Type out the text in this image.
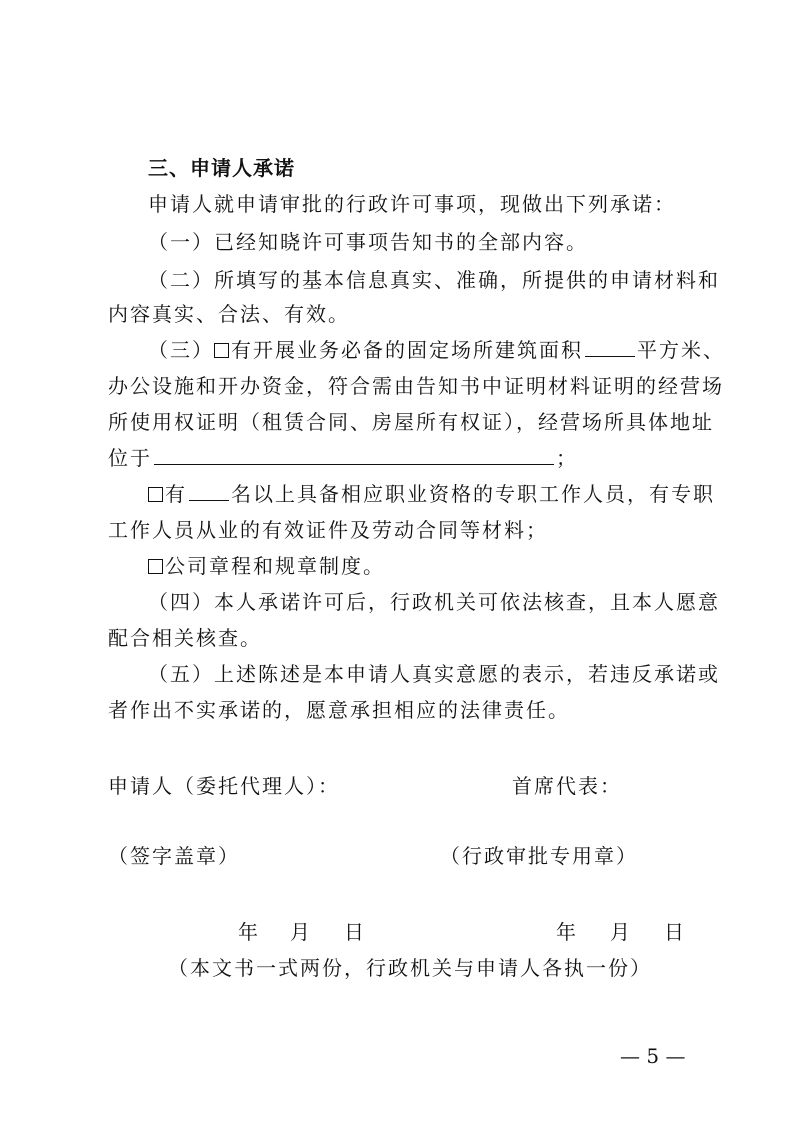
三、申请人承诺
申请人就申请审批的行政许可事项，现做出下列承诺：
（一）已经知晓许可事项告知书的全部内容。
（二）所填写的基本信息真实、准确，所提供的申请材料和
内容真实、合法、有效。
（三） 有开展业务必备的固定场所建筑面积	平方米、
办公设施和开办资金，符合需由告知书中证明材料证明的经营场
所使用权证明（租赁合同、房屋所有权证），经营场所具体地址
位于	；
有 名以上具备相应职业资格的专职工作人员，有专职
工作人员从业的有效证件及劳动合同等材料；
公司章程和规章制度。
（四）本人承诺许可后，行政机关可依法核查，且本人愿意
配合相关核查。
（五）上述陈述是本申请人真实意愿的表示，若违反承诺或
者作出不实承诺的，愿意承担相应的法律责任。
申请人（委托代理人）：	首席代表：
（签字盖章）	（行政审批专用章）
年 月 日	年 月 日
（本文书一式两份，行政机关与申请人各执一份）
— 5 —
